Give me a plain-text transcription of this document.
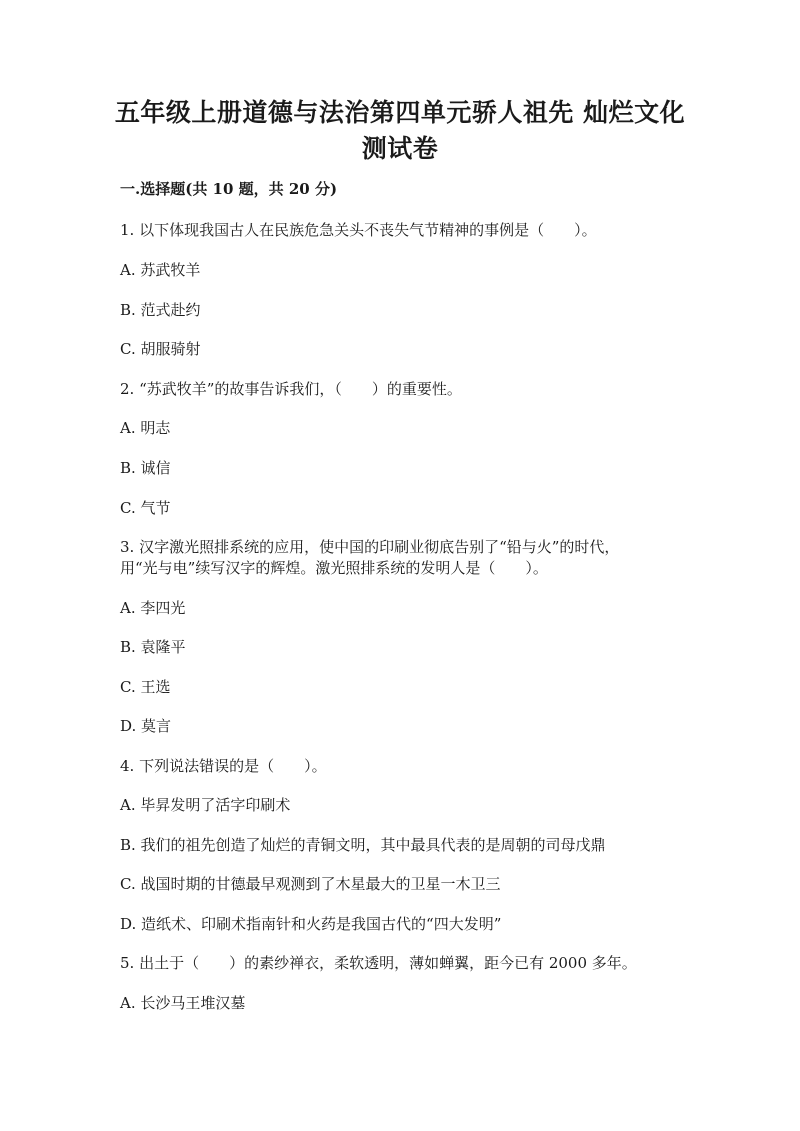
五年级上册道德与法治第四单元骄人祖先 灿烂文化
测试卷
一.选择题(共 10 题，共 20 分)
1. 以下体现我国古人在民族危急关头不丧失气节精神的事例是（　　）。
A. 苏武牧羊
B. 范式赴约
C. 胡服骑射
2. “苏武牧羊”的故事告诉我们，（　　）的重要性。
A. 明志
B. 诚信
C. 气节
3. 汉字激光照排系统的应用，使中国的印刷业彻底告别了“铅与火”的时代，
用“光与电”续写汉字的辉煌。激光照排系统的发明人是（　　）。
A. 李四光
B. 袁隆平
C. 王选
D. 莫言
4. 下列说法错误的是（　　）。
A. 毕昇发明了活字印刷术
B. 我们的祖先创造了灿烂的青铜文明，其中最具代表的是周朝的司母戊鼎
C. 战国时期的甘德最早观测到了木星最大的卫星一木卫三
D. 造纸术、印刷术指南针和火药是我国古代的“四大发明”
5. 出土于（　　）的素纱禅衣，柔软透明，薄如蝉翼，距今已有 2000 多年。
A. 长沙马王堆汉墓
